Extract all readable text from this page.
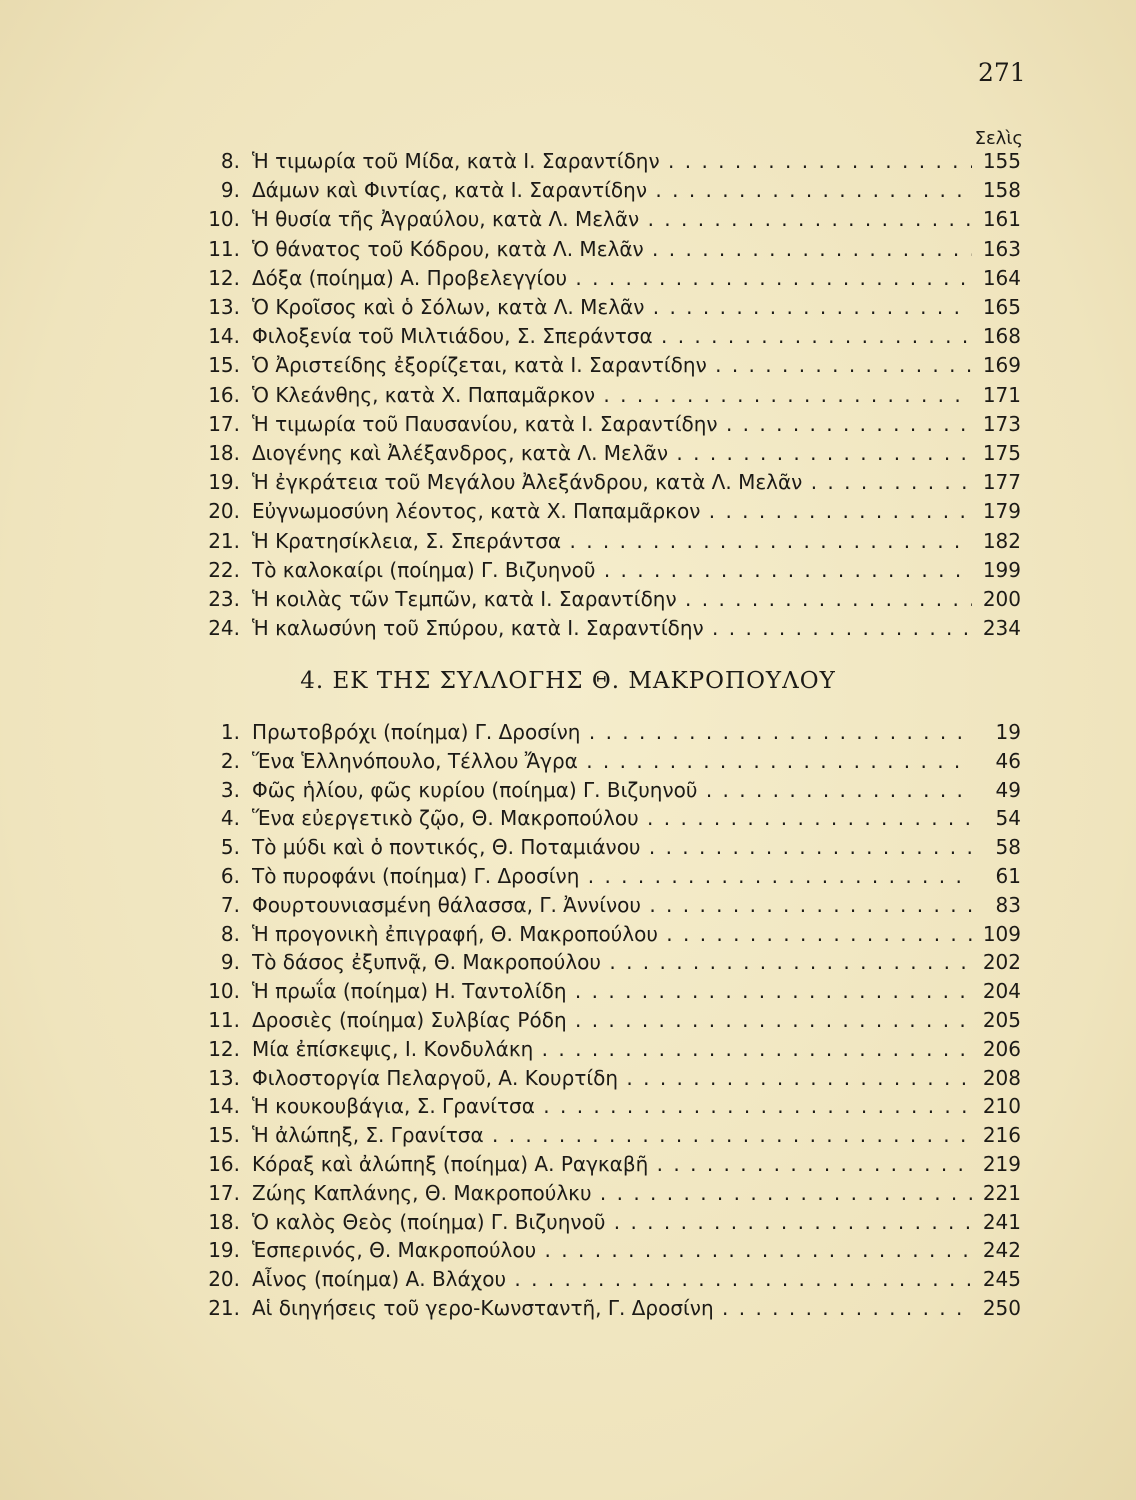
271
Σελὶς
8. Ἡ τιμωρία τοῦ Μίδα, κατὰ Ι. Σαραντίδην . . .	155
9. Δάμων καὶ Φιντίας, κατὰ Ι. Σαραντίδην . . .	158
10. Ἡ θυσία τῆς Ἀγραύλου, κατὰ Λ. Μελᾶν . . .	161
11. Ὁ θάνατος τοῦ Κόδρου, κατὰ Λ. Μελᾶν . . .	163
12. Δόξα (ποίημα) Α. Προβελεγγίου . . .	164
13. Ὁ Κροῖσος καὶ ὁ Σόλων, κατὰ Λ. Μελᾶν . . .	165
14. Φιλοξενία τοῦ Μιλτιάδου, Σ. Σπεράντσα . . .	168
15. Ὁ Ἀριστείδης ἐξορίζεται, κατὰ Ι. Σαραντίδην . . .	169
16. Ὁ Κλεάνθης, κατὰ Χ. Παπαμᾶρκον . . .	171
17. Ἡ τιμωρία τοῦ Παυσανίου, κατὰ Ι. Σαραντίδην . . .	173
18. Διογένης καὶ Ἀλέξανδρος, κατὰ Λ. Μελᾶν . . .	175
19. Ἡ ἐγκράτεια τοῦ Μεγάλου Ἀλεξάνδρου, κατὰ Λ. Μελᾶν . . .	177
20. Εὐγνωμοσύνη λέοντος, κατὰ Χ. Παπαμᾶρκον . . .	179
21. Ἡ Κρατησίκλεια, Σ. Σπεράντσα . . .	182
22. Τὸ καλοκαίρι (ποίημα) Γ. Βιζυηνοῦ . . .	199
23. Ἡ κοιλὰς τῶν Τεμπῶν, κατὰ Ι. Σαραντίδην . . .	200
24. Ἡ καλωσύνη τοῦ Σπύρου, κατὰ Ι. Σαραντίδην . . .	234
4. ΕΚ ΤΗΣ ΣΥΛΛΟΓΗΣ Θ. ΜΑΚΡΟΠΟΥΛΟΥ
1. Πρωτοβρόχι (ποίημα) Γ. Δροσίνη . . .	19
2. Ἕνα Ἑλληνόπουλο, Τέλλου Ἄγρα . . .	46
3. Φῶς ἡλίου, φῶς κυρίου (ποίημα) Γ. Βιζυηνοῦ . . .	49
4. Ἕνα εὐεργετικὸ ζῷο, Θ. Μακροπούλου . . .	54
5. Τὸ μύδι καὶ ὁ ποντικός, Θ. Ποταμιάνου . . .	58
6. Τὸ πυροφάνι (ποίημα) Γ. Δροσίνη . . .	61
7. Φουρτουνιασμένη θάλασσα, Γ. Ἀννίνου . . .	83
8. Ἡ προγονικὴ ἐπιγραφή, Θ. Μακροπούλου . . .	109
9. Τὸ δάσος ἐξυπνᾷ, Θ. Μακροπούλου . . .	202
10. Ἡ πρωΐα (ποίημα) Η. Ταντολίδη . . .	204
11. Δροσιὲς (ποίημα) Συλβίας Ρόδη . . .	205
12. Μία ἐπίσκεψις, Ι. Κονδυλάκη . . .	206
13. Φιλοστοργία Πελαργοῦ, Α. Κουρτίδη . . .	208
14. Ἡ κουκουβάγια, Σ. Γρανίτσα . . .	210
15. Ἡ ἀλώπηξ, Σ. Γρανίτσα . . .	216
16. Κόραξ καὶ ἀλώπηξ (ποίημα) Α. Ραγκαβῆ . . .	219
17. Ζώης Καπλάνης, Θ. Μακροπούλκυ . . .	221
18. Ὁ καλὸς Θεὸς (ποίημα) Γ. Βιζυηνοῦ . . .	241
19. Ἑσπερινός, Θ. Μακροπούλου . . .	242
20. Αἶνος (ποίημα) Α. Βλάχου . . .	245
21. Αἱ διηγήσεις τοῦ γερο-Κωνσταντῆ, Γ. Δροσίνη . . .	250
